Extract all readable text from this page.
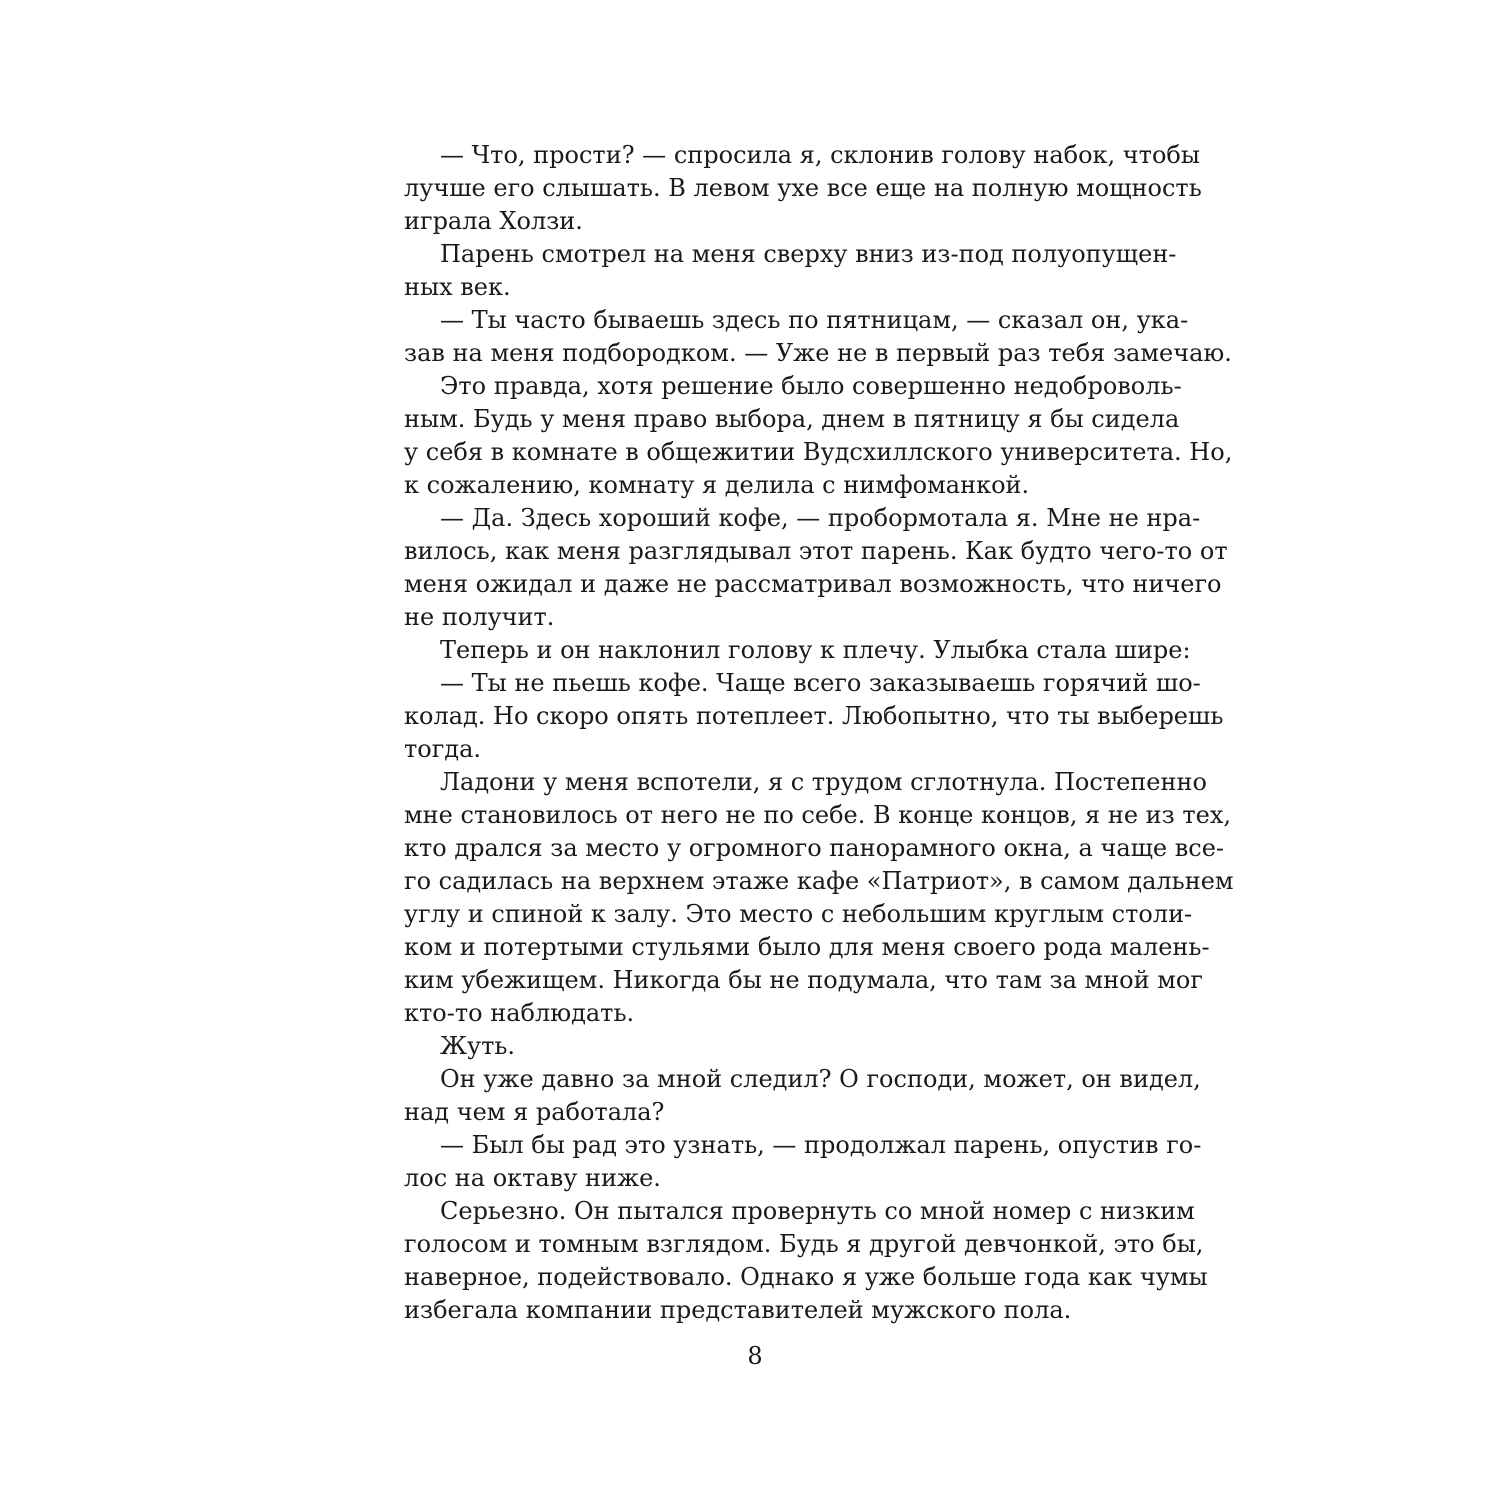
— Что, прости? — спросила я, склонив голову набок, чтобы
лучше его слышать. В левом ухе все еще на полную мощность
играла Холзи.
Парень смотрел на меня сверху вниз из-под полуопущен-
ных век.
— Ты часто бываешь здесь по пятницам, — сказал он, ука-
зав на меня подбородком. — Уже не в первый раз тебя замечаю.
Это правда, хотя решение было совершенно недоброволь-
ным. Будь у меня право выбора, днем в пятницу я бы сидела
у себя в комнате в общежитии Вудсхиллского университета. Но,
к сожалению, комнату я делила с нимфоманкой.
— Да. Здесь хороший кофе, — пробормотала я. Мне не нра-
вилось, как меня разглядывал этот парень. Как будто чего-то от
меня ожидал и даже не рассматривал возможность, что ничего
не получит.
Теперь и он наклонил голову к плечу. Улыбка стала шире:
— Ты не пьешь кофе. Чаще всего заказываешь горячий шо-
колад. Но скоро опять потеплеет. Любопытно, что ты выберешь
тогда.
Ладони у меня вспотели, я с трудом сглотнула. Постепенно
мне становилось от него не по себе. В конце концов, я не из тех,
кто дрался за место у огромного панорамного окна, а чаще все-
го садилась на верхнем этаже кафе «Патриот», в самом дальнем
углу и спиной к залу. Это место с небольшим круглым столи-
ком и потертыми стульями было для меня своего рода малень-
ким убежищем. Никогда бы не подумала, что там за мной мог
кто-то наблюдать.
Жуть.
Он уже давно за мной следил? О господи, может, он видел,
над чем я работала?
— Был бы рад это узнать, — продолжал парень, опустив го-
лос на октаву ниже.
Серьезно. Он пытался провернуть со мной номер с низким
голосом и томным взглядом. Будь я другой девчонкой, это бы,
наверное, подействовало. Однако я уже больше года как чумы
избегала компании представителей мужского пола.
8
